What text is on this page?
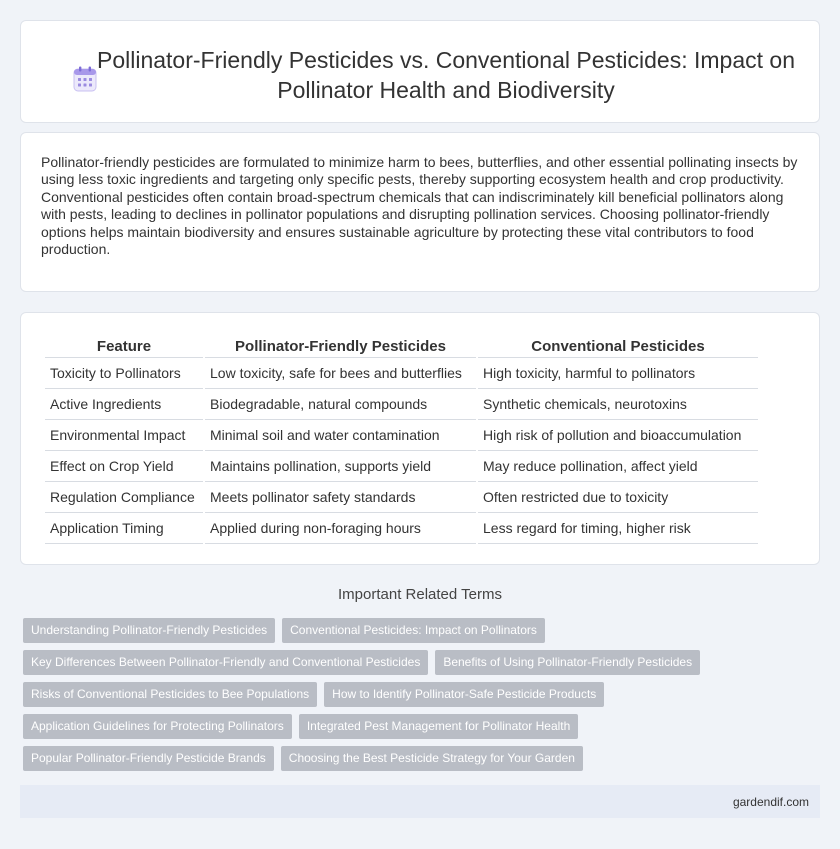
Pollinator-Friendly Pesticides vs. Conventional Pesticides: Impact on Pollinator Health and Biodiversity

Pollinator-friendly pesticides are formulated to minimize harm to bees, butterflies, and other essential pollinating insects by using less toxic ingredients and targeting only specific pests, thereby supporting ecosystem health and crop productivity. Conventional pesticides often contain broad-spectrum chemicals that can indiscriminately kill beneficial pollinators along with pests, leading to declines in pollinator populations and disrupting pollination services. Choosing pollinator-friendly options helps maintain biodiversity and ensures sustainable agriculture by protecting these vital contributors to food production.

Feature	Pollinator-Friendly Pesticides	Conventional Pesticides
Toxicity to Pollinators	Low toxicity, safe for bees and butterflies	High toxicity, harmful to pollinators
Active Ingredients	Biodegradable, natural compounds	Synthetic chemicals, neurotoxins
Environmental Impact	Minimal soil and water contamination	High risk of pollution and bioaccumulation
Effect on Crop Yield	Maintains pollination, supports yield	May reduce pollination, affect yield
Regulation Compliance	Meets pollinator safety standards	Often restricted due to toxicity
Application Timing	Applied during non-foraging hours	Less regard for timing, higher risk
Important Related Terms
Understanding Pollinator-Friendly Pesticides	Conventional Pesticides: Impact on Pollinators
Key Differences Between Pollinator-Friendly and Conventional Pesticides	Benefits of Using Pollinator-Friendly Pesticides
Risks of Conventional Pesticides to Bee Populations	How to Identify Pollinator-Safe Pesticide Products
Application Guidelines for Protecting Pollinators	Integrated Pest Management for Pollinator Health
Popular Pollinator-Friendly Pesticide Brands	Choosing the Best Pesticide Strategy for Your Garden
gardendif.com
